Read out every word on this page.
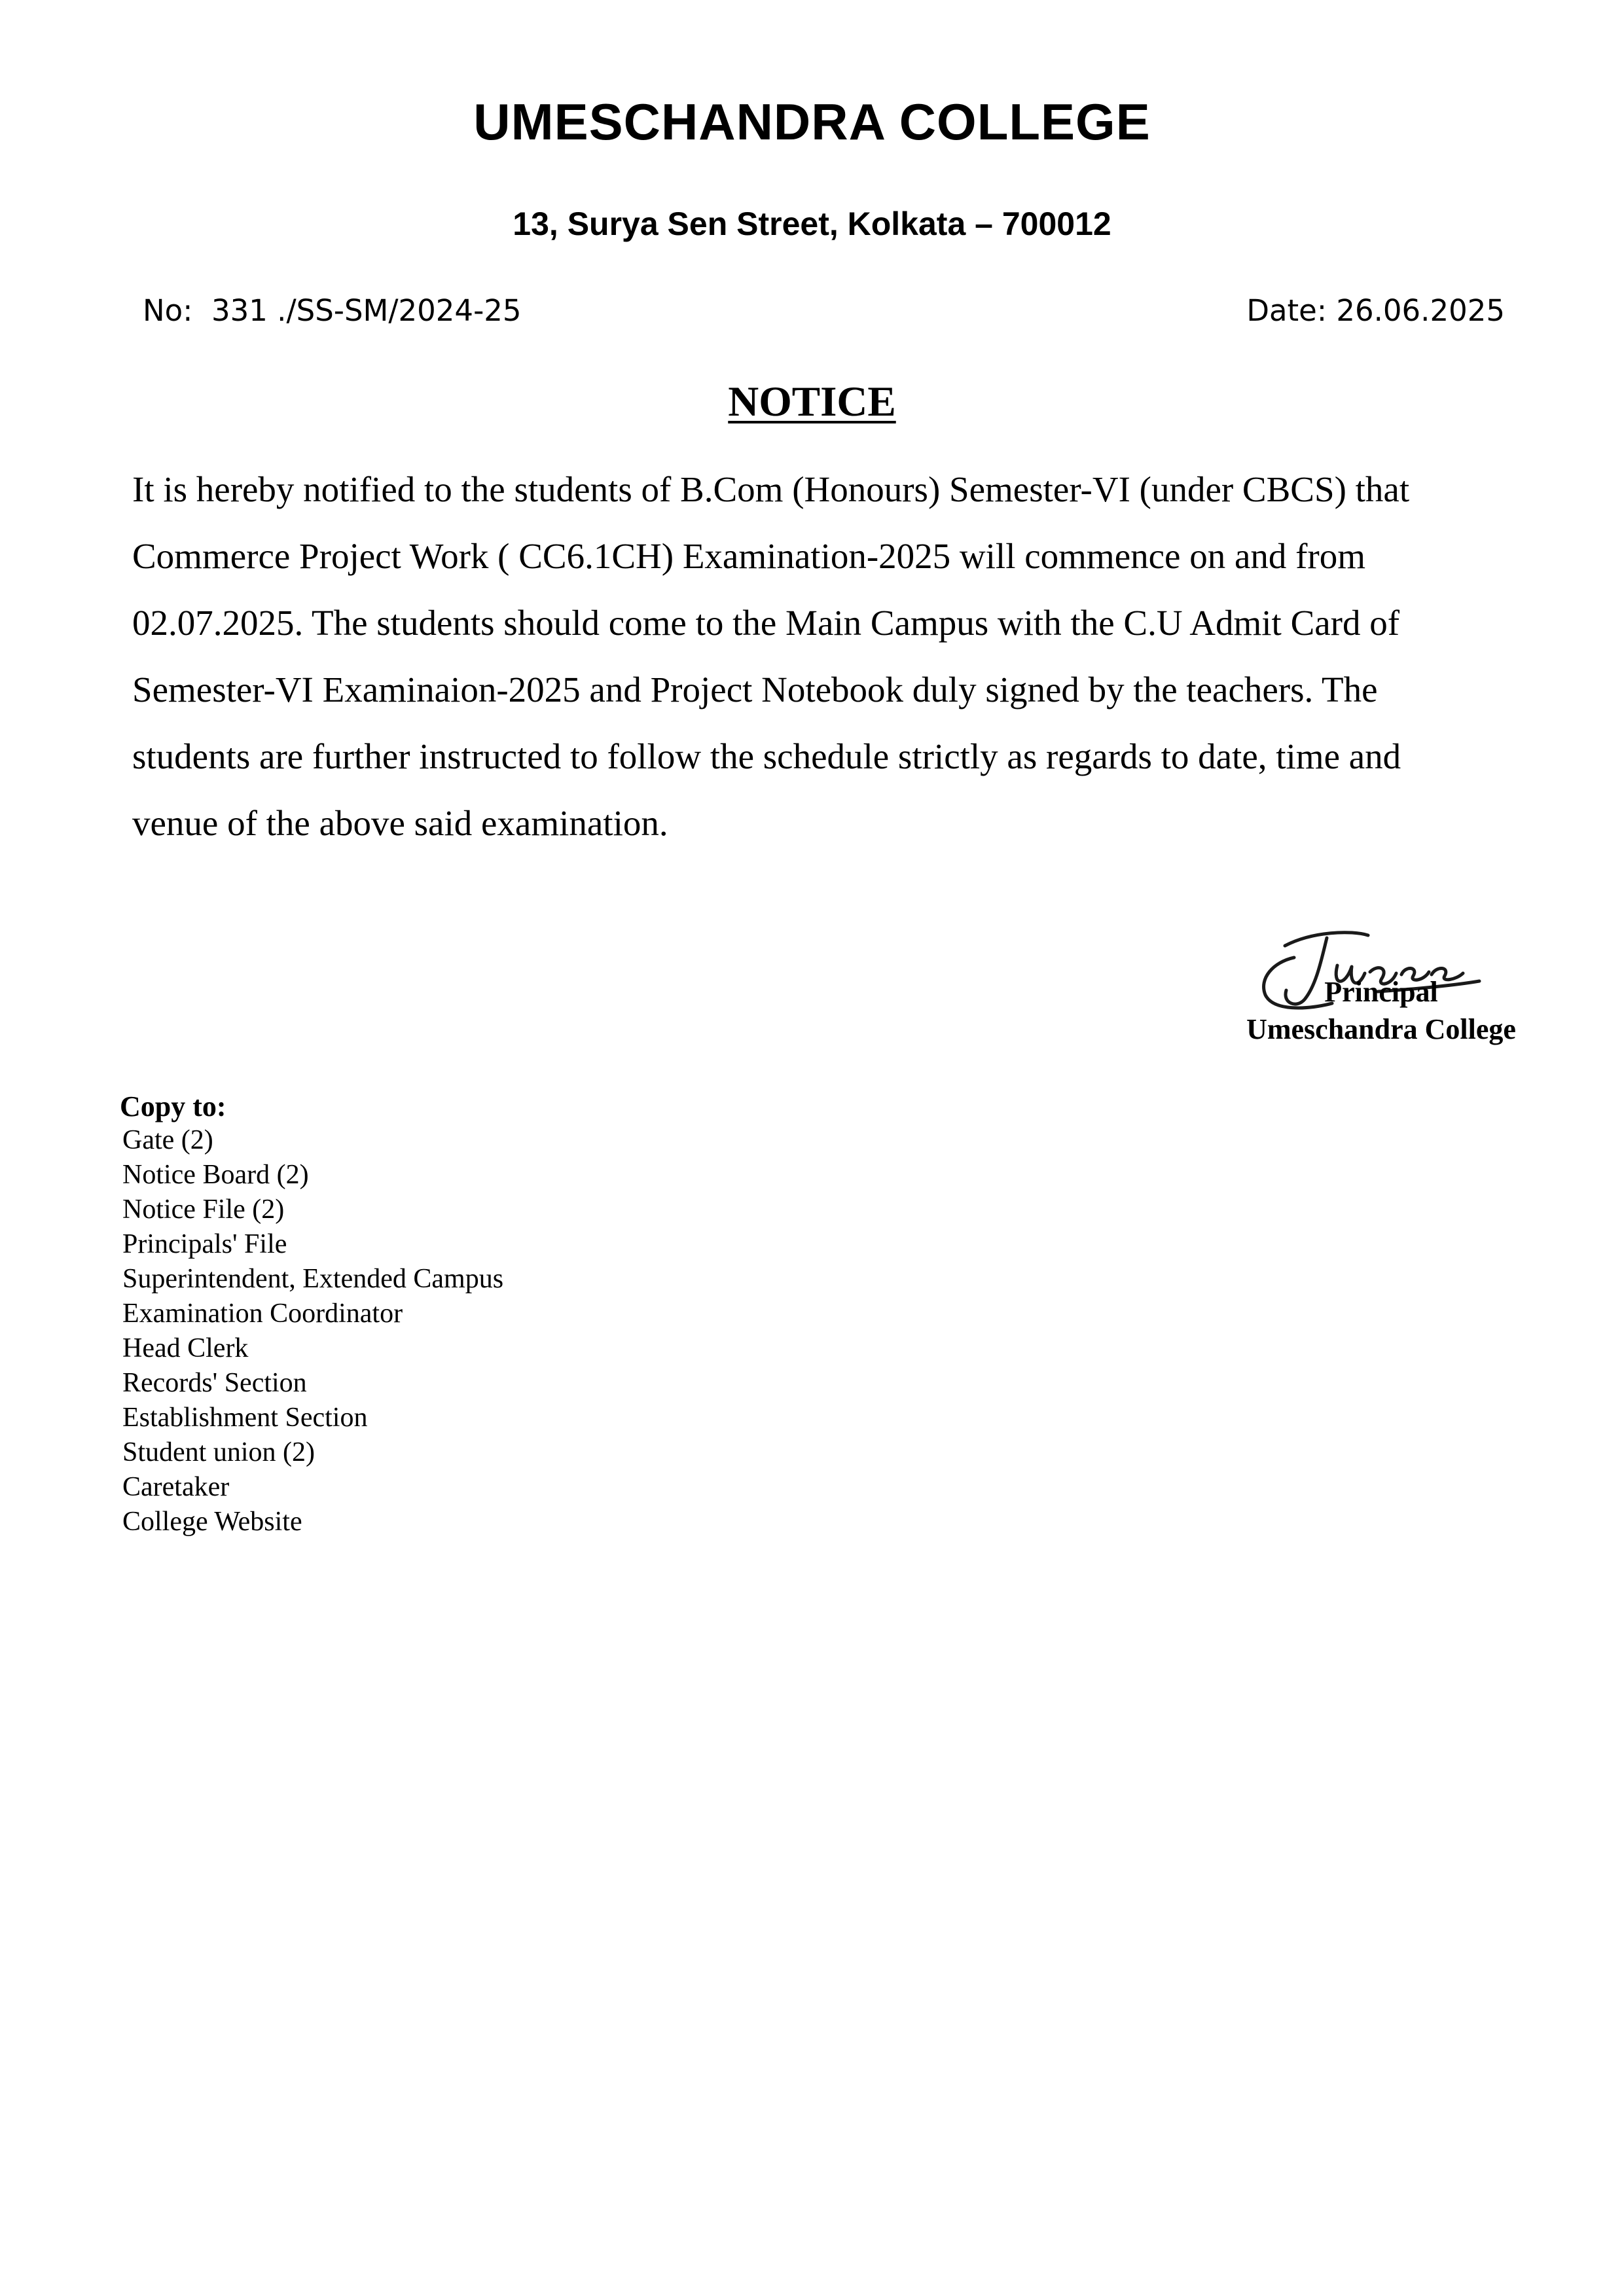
UMESCHANDRA COLLEGE
13, Surya Sen Street, Kolkata – 700012
No:  331 ./SS-SM/2024-25	Date: 26.06.2025
NOTICE
It is hereby notified to the students of B.Com (Honours) Semester-VI (under CBCS) that
Commerce Project Work ( CC6.1CH) Examination-2025 will commence on and from
02.07.2025. The students should come to the Main Campus with the C.U Admit Card of
Semester-VI Examinaion-2025 and Project Notebook duly signed by the teachers. The
students are further instructed to follow the schedule strictly as regards to date, time and
venue of the above said examination.
Principal
Umeschandra College
Copy to:
Gate (2)
Notice Board (2)
Notice File (2)
Principals' File
Superintendent, Extended Campus
Examination Coordinator
Head Clerk
Records' Section
Establishment Section
Student union (2)
Caretaker
College Website
